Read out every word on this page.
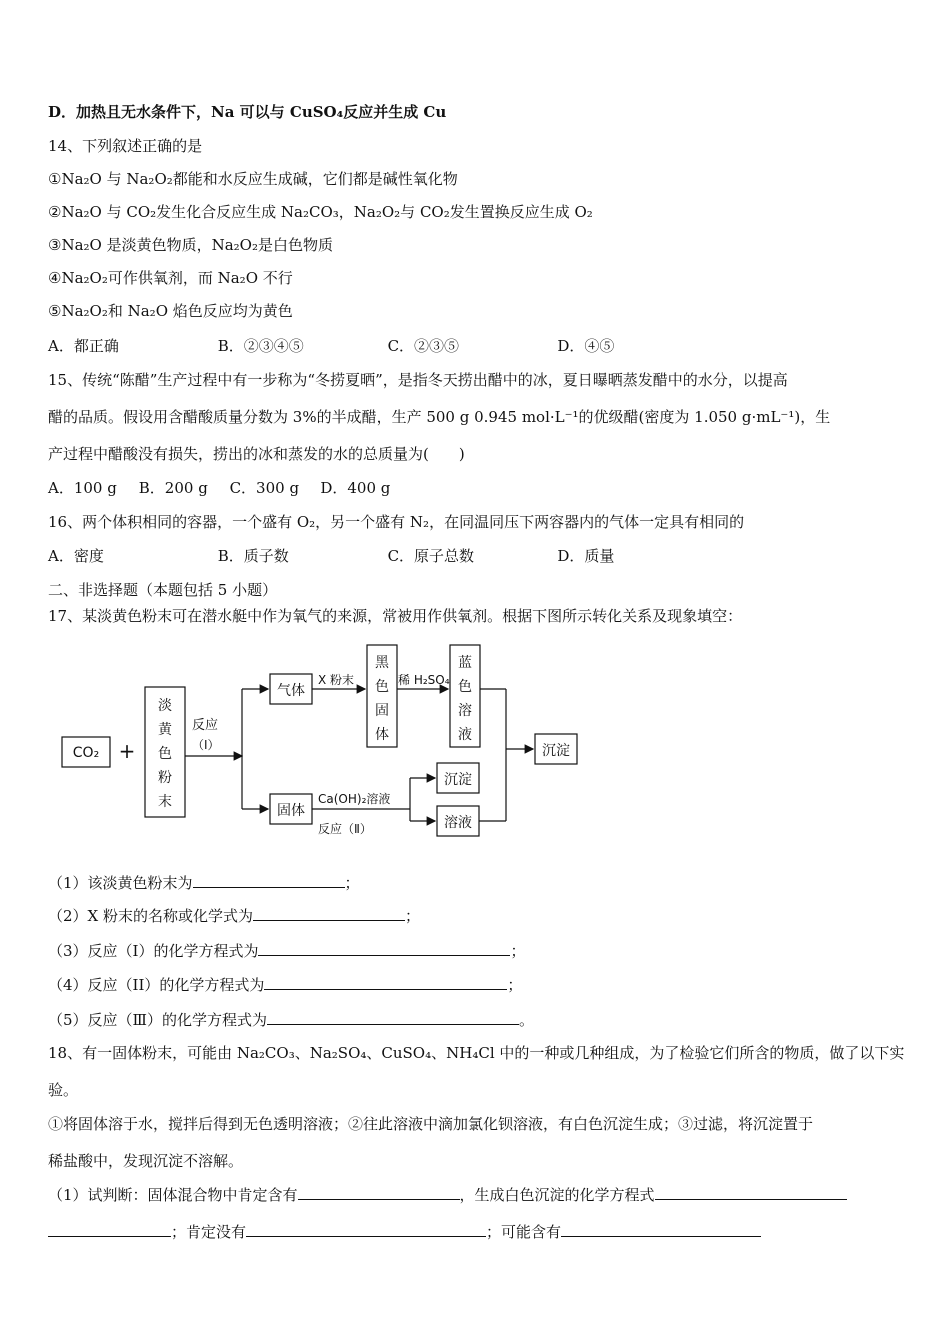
D．加热且无水条件下，Na 可以与 CuSO₄反应并生成 Cu
14、下列叙述正确的是
①Na₂O 与 Na₂O₂都能和水反应生成碱，它们都是碱性氧化物
②Na₂O 与 CO₂发生化合反应生成 Na₂CO₃，Na₂O₂与 CO₂发生置换反应生成 O₂
③Na₂O 是淡黄色物质，Na₂O₂是白色物质
④Na₂O₂可作供氧剂，而 Na₂O 不行
⑤Na₂O₂和 Na₂O 焰色反应均为黄色
A．都正确	B．②③④⑤	C．②③⑤	D．④⑤
15、传统“陈醋”生产过程中有一步称为“冬捞夏晒”，是指冬天捞出醋中的冰，夏日曝晒蒸发醋中的水分，以提高
醋的品质。假设用含醋酸质量分数为 3%的半成醋，生产 500 g 0.945 mol·L⁻¹的优级醋(密度为 1.050 g·mL⁻¹)，生
产过程中醋酸没有损失，捞出的冰和蒸发的水的总质量为(　　)
A．100 g B．200 g C．300 g D．400 g
16、两个体积相同的容器，一个盛有 O₂，另一个盛有 N₂，在同温同压下两容器内的气体一定具有相同的
A．密度	B．质子数	C．原子总数	D．质量
二、非选择题（本题包括 5 小题）
17、某淡黄色粉末可在潜水艇中作为氧气的来源，常被用作供氧剂。根据下图所示转化关系及现象填空：
CO₂ +
淡
黄
色
粉
末
反应
（Ⅰ）
气体
X 粉末
黑
色
固
体
稀 H₂SO₄
蓝
色
溶
液
沉淀
固体
Ca(OH)₂溶液
反应（Ⅱ）
沉淀
溶液
（1）该淡黄色粉末为	；
（2）X 粉末的名称或化学式为	；
（3）反应（I）的化学方程式为	；
（4）反应（II）的化学方程式为	；
（5）反应（Ⅲ）的化学方程式为	。
18、有一固体粉末，可能由 Na₂CO₃、Na₂SO₄、CuSO₄、NH₄Cl 中的一种或几种组成，为了检验它们所含的物质，做了以下实
验。
①将固体溶于水，搅拌后得到无色透明溶液；②往此溶液中滴加氯化钡溶液，有白色沉淀生成；③过滤，将沉淀置于
稀盐酸中，发现沉淀不溶解。
（1）试判断：固体混合物中肯定含有	，生成白色沉淀的化学方程式
；肯定没有	；可能含有
